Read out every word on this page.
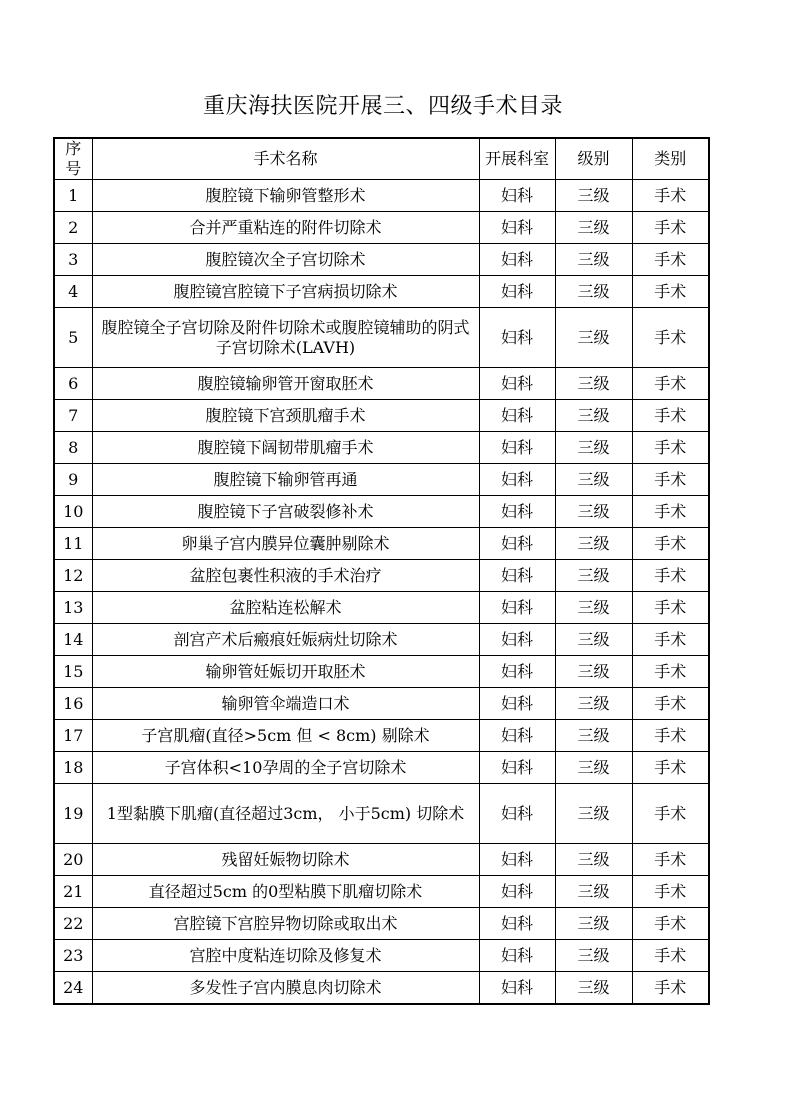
重庆海扶医院开展三、四级手术目录
序号	手术名称	开展科室	级别	类别
1	腹腔镜下输卵管整形术	妇科	三级	手术
2	合并严重粘连的附件切除术	妇科	三级	手术
3	腹腔镜次全子宫切除术	妇科	三级	手术
4	腹腔镜宫腔镜下子宫病损切除术	妇科	三级	手术
5	腹腔镜全子宫切除及附件切除术或腹腔镜辅助的阴式子宫切除术(LAVH)	妇科	三级	手术
6	腹腔镜输卵管开窗取胚术	妇科	三级	手术
7	腹腔镜下宫颈肌瘤手术	妇科	三级	手术
8	腹腔镜下阔韧带肌瘤手术	妇科	三级	手术
9	腹腔镜下输卵管再通	妇科	三级	手术
10	腹腔镜下子宫破裂修补术	妇科	三级	手术
11	卵巢子宫内膜异位囊肿剔除术	妇科	三级	手术
12	盆腔包裹性积液的手术治疗	妇科	三级	手术
13	盆腔粘连松解术	妇科	三级	手术
14	剖宫产术后瘢痕妊娠病灶切除术	妇科	三级	手术
15	输卵管妊娠切开取胚术	妇科	三级	手术
16	输卵管伞端造口术	妇科	三级	手术
17	子宫肌瘤(直径>5cm 但 < 8cm) 剔除术	妇科	三级	手术
18	子宫体积<10孕周的全子宫切除术	妇科	三级	手术
19	1型黏膜下肌瘤(直径超过3cm， 小于5cm) 切除术	妇科	三级	手术
20	残留妊娠物切除术	妇科	三级	手术
21	直径超过5cm 的0型粘膜下肌瘤切除术	妇科	三级	手术
22	宫腔镜下宫腔异物切除或取出术	妇科	三级	手术
23	宫腔中度粘连切除及修复术	妇科	三级	手术
24	多发性子宫内膜息肉切除术	妇科	三级	手术
